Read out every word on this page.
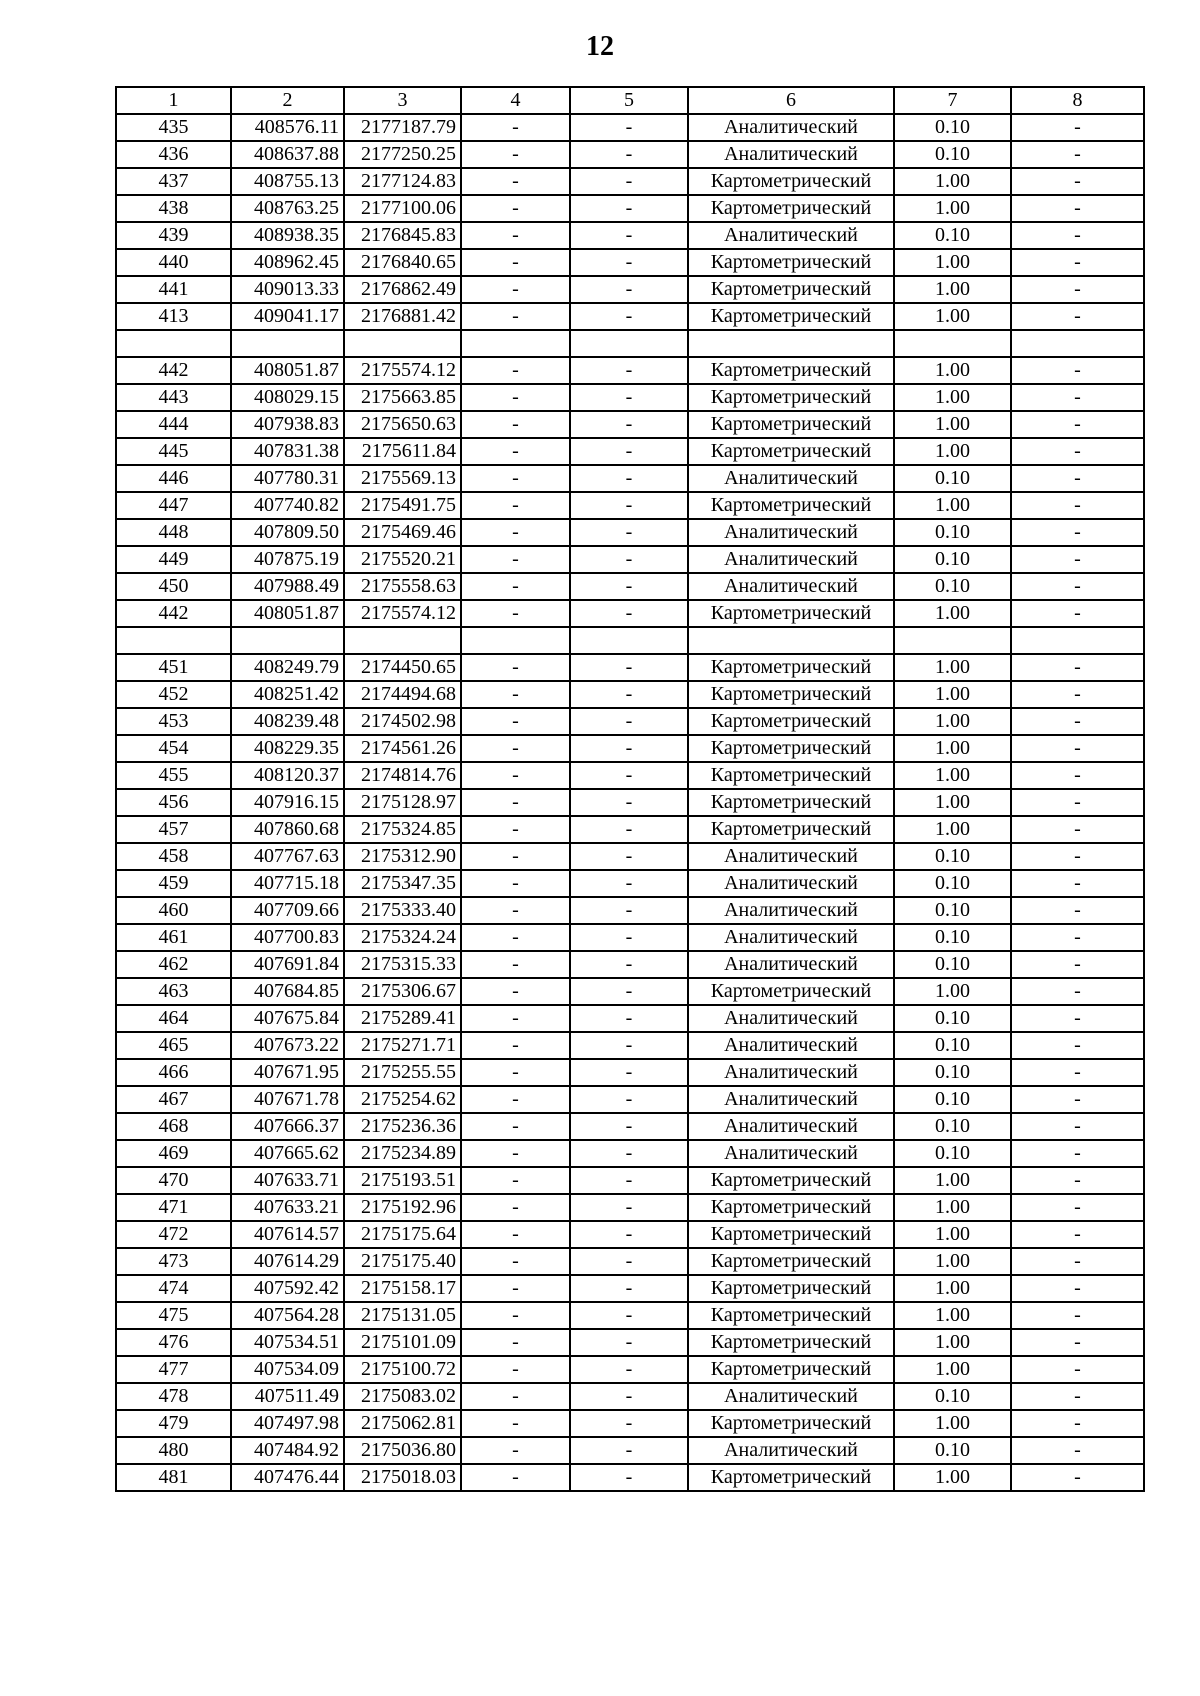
12
1	2	3	4	5	6	7	8
435	408576.11	2177187.79	-	-	Аналитический	0.10	-
436	408637.88	2177250.25	-	-	Аналитический	0.10	-
437	408755.13	2177124.83	-	-	Картометрический	1.00	-
438	408763.25	2177100.06	-	-	Картометрический	1.00	-
439	408938.35	2176845.83	-	-	Аналитический	0.10	-
440	408962.45	2176840.65	-	-	Картометрический	1.00	-
441	409013.33	2176862.49	-	-	Картометрический	1.00	-
413	409041.17	2176881.42	-	-	Картометрический	1.00	-

442	408051.87	2175574.12	-	-	Картометрический	1.00	-
443	408029.15	2175663.85	-	-	Картометрический	1.00	-
444	407938.83	2175650.63	-	-	Картометрический	1.00	-
445	407831.38	2175611.84	-	-	Картометрический	1.00	-
446	407780.31	2175569.13	-	-	Аналитический	0.10	-
447	407740.82	2175491.75	-	-	Картометрический	1.00	-
448	407809.50	2175469.46	-	-	Аналитический	0.10	-
449	407875.19	2175520.21	-	-	Аналитический	0.10	-
450	407988.49	2175558.63	-	-	Аналитический	0.10	-
442	408051.87	2175574.12	-	-	Картометрический	1.00	-

451	408249.79	2174450.65	-	-	Картометрический	1.00	-
452	408251.42	2174494.68	-	-	Картометрический	1.00	-
453	408239.48	2174502.98	-	-	Картометрический	1.00	-
454	408229.35	2174561.26	-	-	Картометрический	1.00	-
455	408120.37	2174814.76	-	-	Картометрический	1.00	-
456	407916.15	2175128.97	-	-	Картометрический	1.00	-
457	407860.68	2175324.85	-	-	Картометрический	1.00	-
458	407767.63	2175312.90	-	-	Аналитический	0.10	-
459	407715.18	2175347.35	-	-	Аналитический	0.10	-
460	407709.66	2175333.40	-	-	Аналитический	0.10	-
461	407700.83	2175324.24	-	-	Аналитический	0.10	-
462	407691.84	2175315.33	-	-	Аналитический	0.10	-
463	407684.85	2175306.67	-	-	Картометрический	1.00	-
464	407675.84	2175289.41	-	-	Аналитический	0.10	-
465	407673.22	2175271.71	-	-	Аналитический	0.10	-
466	407671.95	2175255.55	-	-	Аналитический	0.10	-
467	407671.78	2175254.62	-	-	Аналитический	0.10	-
468	407666.37	2175236.36	-	-	Аналитический	0.10	-
469	407665.62	2175234.89	-	-	Аналитический	0.10	-
470	407633.71	2175193.51	-	-	Картометрический	1.00	-
471	407633.21	2175192.96	-	-	Картометрический	1.00	-
472	407614.57	2175175.64	-	-	Картометрический	1.00	-
473	407614.29	2175175.40	-	-	Картометрический	1.00	-
474	407592.42	2175158.17	-	-	Картометрический	1.00	-
475	407564.28	2175131.05	-	-	Картометрический	1.00	-
476	407534.51	2175101.09	-	-	Картометрический	1.00	-
477	407534.09	2175100.72	-	-	Картометрический	1.00	-
478	407511.49	2175083.02	-	-	Аналитический	0.10	-
479	407497.98	2175062.81	-	-	Картометрический	1.00	-
480	407484.92	2175036.80	-	-	Аналитический	0.10	-
481	407476.44	2175018.03	-	-	Картометрический	1.00	-
